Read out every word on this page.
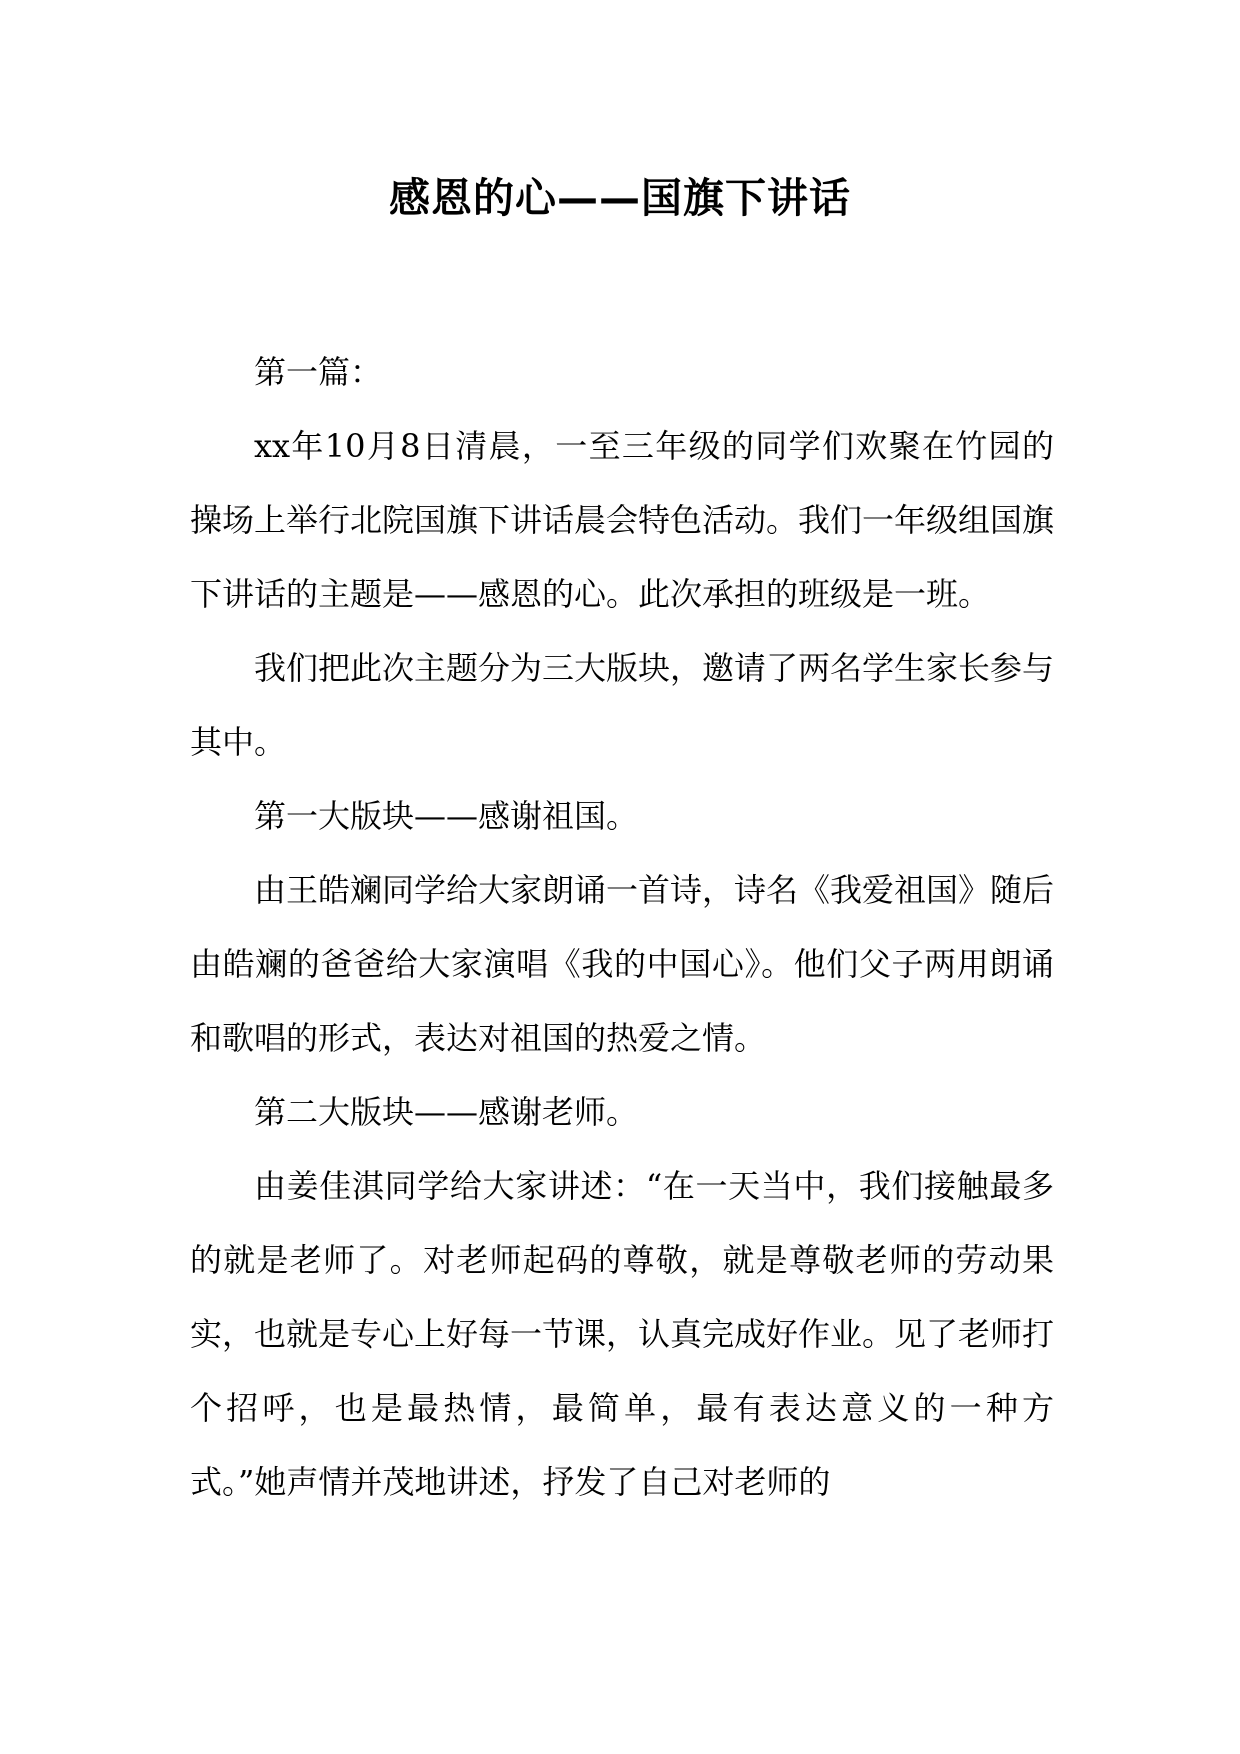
感恩的心——国旗下讲话

第一篇：

xx年10月8日清晨，一至三年级的同学们欢聚在竹园的操场上举行北院国旗下讲话晨会特色活动。我们一年级组国旗下讲话的主题是——感恩的心。此次承担的班级是一班。

我们把此次主题分为三大版块，邀请了两名学生家长参与其中。

第一大版块——感谢祖国。

由王皓斓同学给大家朗诵一首诗，诗名《我爱祖国》随后由皓斓的爸爸给大家演唱《我的中国心》。他们父子两用朗诵和歌唱的形式，表达对祖国的热爱之情。

第二大版块——感谢老师。

由姜佳淇同学给大家讲述：“在一天当中，我们接触最多的就是老师了。对老师起码的尊敬，就是尊敬老师的劳动果实，也就是专心上好每一节课，认真完成好作业。见了老师打个招呼，也是最热情，最简单，最有表达意义的一种方式。”她声情并茂地讲述，抒发了自己对老师的
